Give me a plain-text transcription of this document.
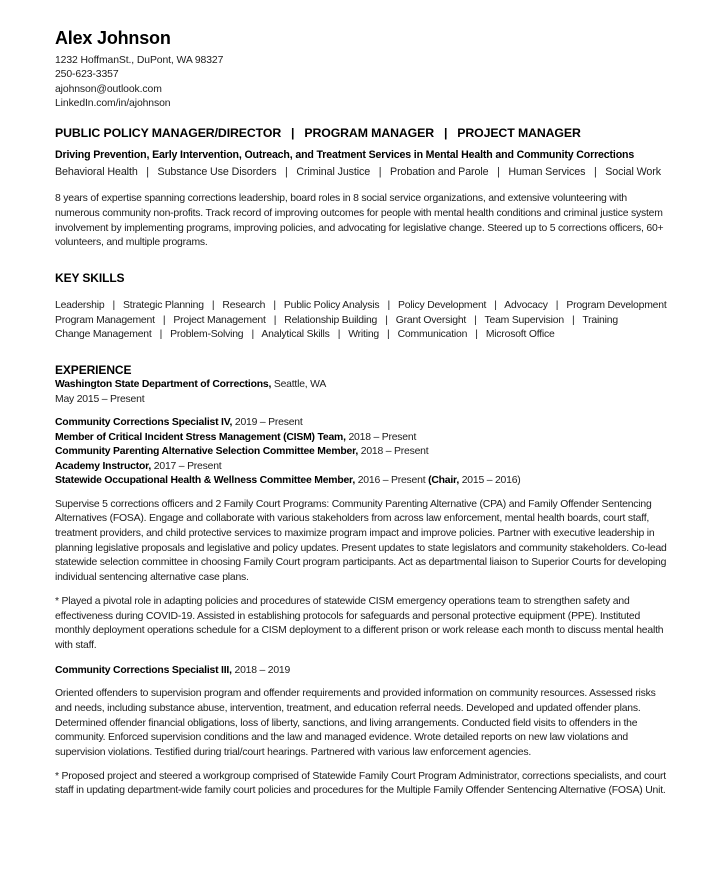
Alex Johnson

1232 HoffmanSt., DuPont, WA 98327

250-623-3357

ajohnson@outlook.com

LinkedIn.com/in/ajohnson

PUBLIC POLICY MANAGER/DIRECTOR   |   PROGRAM MANAGER   |   PROJECT MANAGER

Driving Prevention, Early Intervention, Outreach, and Treatment Services in Mental Health and Community Corrections

Behavioral Health   |   Substance Use Disorders   |   Criminal Justice   |   Probation and Parole   |   Human Services   |   Social Work

8 years of expertise spanning corrections leadership, board roles in 8 social service organizations, and extensive volunteering with numerous community non-profits. Track record of improving outcomes for people with mental health conditions and criminal justice system involvement by implementing programs, improving policies, and advocating for legislative change. Steered up to 5 corrections officers, 60+ volunteers, and multiple programs.

KEY SKILLS

Leadership   |   Strategic Planning   |   Research   |   Public Policy Analysis   |   Policy Development   |   Advocacy   |   Program Development

Program Management   |   Project Management   |   Relationship Building   |   Grant Oversight   |   Team Supervision   |   Training

Change Management   |   Problem-Solving   |   Analytical Skills   |   Writing   |   Communication   |   Microsoft Office

EXPERIENCE

Washington State Department of Corrections, Seattle, WA

May 2015 – Present

Community Corrections Specialist IV, 2019 – Present

Member of Critical Incident Stress Management (CISM) Team, 2018 – Present

Community Parenting Alternative Selection Committee Member, 2018 – Present

Academy Instructor, 2017 – Present

Statewide Occupational Health & Wellness Committee Member, 2016 – Present (Chair, 2015 – 2016)

Supervise 5 corrections officers and 2 Family Court Programs: Community Parenting Alternative (CPA) and Family Offender Sentencing Alternatives (FOSA). Engage and collaborate with various stakeholders from across law enforcement, mental health boards, court staff, treatment providers, and child protective services to maximize program impact and improve policies. Partner with executive leadership in planning legislative proposals and legislative and policy updates. Present updates to state legislators and community stakeholders. Co-lead statewide selection committee in choosing Family Court program participants. Act as departmental liaison to Superior Courts for developing individual sentencing alternative case plans.

* Played a pivotal role in adapting policies and procedures of statewide CISM emergency operations team to strengthen safety and effectiveness during COVID-19. Assisted in establishing protocols for safeguards and personal protective equipment (PPE). Instituted monthly deployment operations schedule for a CISM deployment to a different prison or work release each month to discuss mental health with staff.

Community Corrections Specialist III, 2018 – 2019

Oriented offenders to supervision program and offender requirements and provided information on community resources. Assessed risks and needs, including substance abuse, intervention, treatment, and education referral needs. Developed and updated offender plans. Determined offender financial obligations, loss of liberty, sanctions, and living arrangements. Conducted field visits to offenders in the community. Enforced supervision conditions and the law and managed evidence. Wrote detailed reports on new law violations and supervision violations. Testified during trial/court hearings. Partnered with various law enforcement agencies.

* Proposed project and steered a workgroup comprised of Statewide Family Court Program Administrator, corrections specialists, and court staff in updating department-wide family court policies and procedures for the Multiple Family Offender Sentencing Alternative (FOSA) Unit.
